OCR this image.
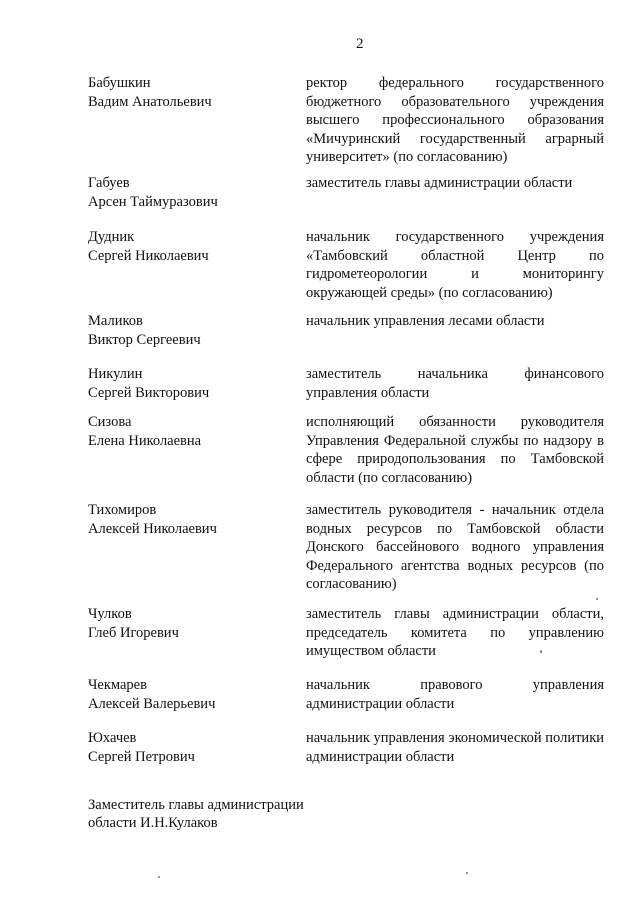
2
Бабушкин
Вадим Анатольевич
ректор федерального государственного бюджетного образовательного учреждения высшего профессионального образования «Мичуринский государственный аграрный университет» (по согласованию)
Габуев
Арсен Таймуразович
заместитель главы администрации области
Дудник
Сергей Николаевич
начальник государственного учреждения «Тамбовский областной Центр по гидрометеорологии и мониторингу окружающей среды» (по согласованию)
Маликов
Виктор Сергеевич
начальник управления лесами области
Никулин
Сергей Викторович
заместитель начальника финансового управления области
Сизова
Елена Николаевна
исполняющий обязанности руководителя Управления Федеральной службы по надзору в сфере природопользования по Тамбовской области (по согласованию)
Тихомиров
Алексей Николаевич
заместитель руководителя - начальник отдела водных ресурсов по Тамбовской области Донского бассейнового водного управления Федерального агентства водных ресурсов (по согласованию)
Чулков
Глеб Игоревич
заместитель главы администрации области, председатель комитета по управлению имуществом области
Чекмарев
Алексей Валерьевич
начальник правового управления администрации области
Юхачев
Сергей Петрович
начальник управления экономической политики администрации области
Заместитель главы администрации
области И.Н.Кулаков
